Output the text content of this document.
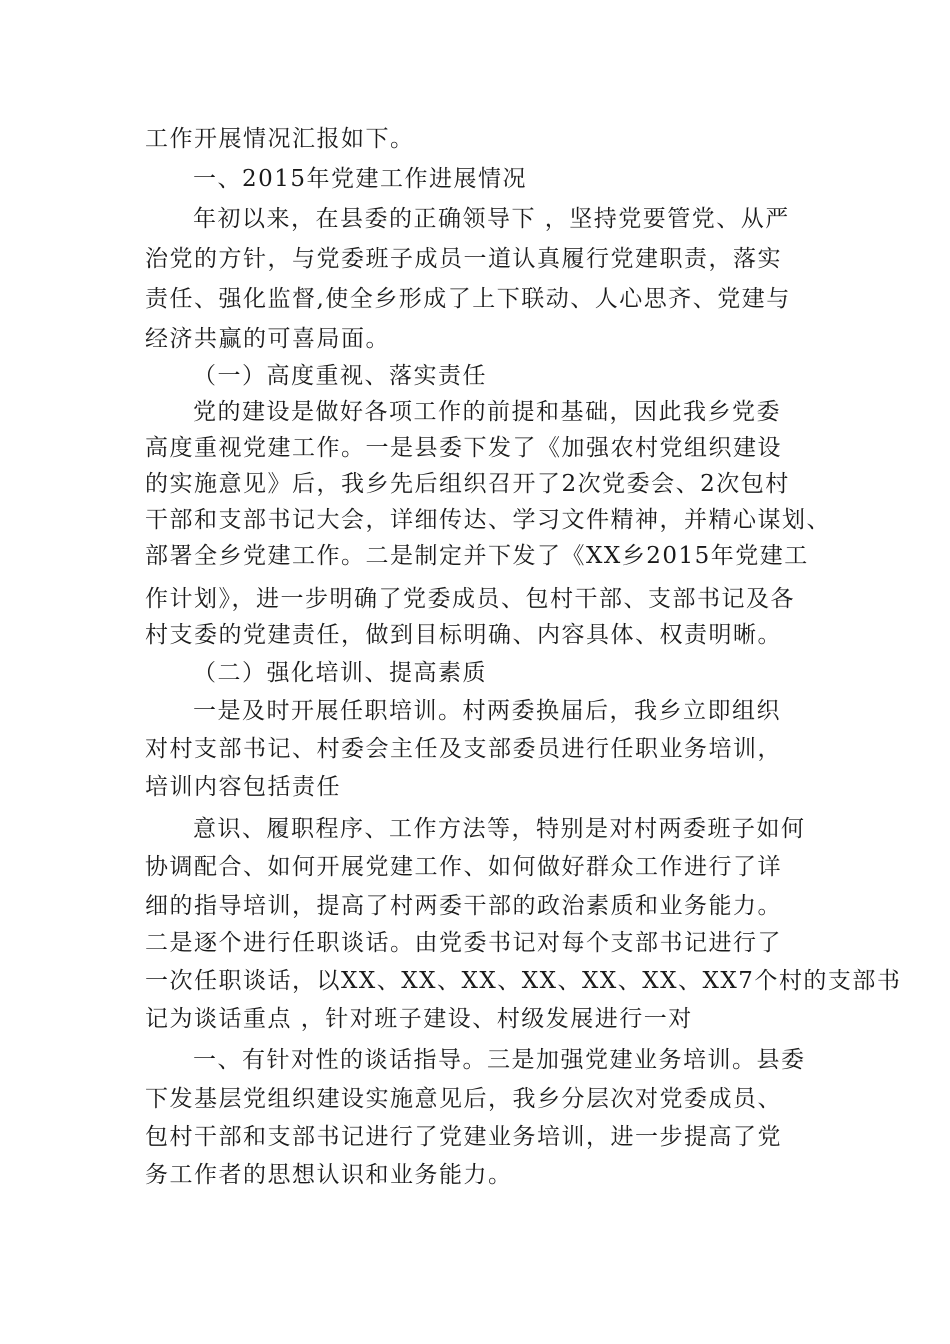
工作开展情况汇报如下。
一、2015年党建工作进展情况
年初以来，在县委的正确领导下 ，坚持党要管党、从严
治党的方针，与党委班子成员一道认真履行党建职责，落实
责任、强化监督,使全乡形成了上下联动、人心思齐、党建与
经济共赢的可喜局面。
（一）高度重视、落实责任
党的建设是做好各项工作的前提和基础，因此我乡党委
高度重视党建工作。一是县委下发了《加强农村党组织建设
的实施意见》后，我乡先后组织召开了2次党委会、2次包村
干部和支部书记大会，详细传达、学习文件精神，并精心谋划、
部署全乡党建工作。二是制定并下发了《XX乡2015年党建工
作计划》，进一步明确了党委成员、包村干部、支部书记及各
村支委的党建责任，做到目标明确、内容具体、权责明晰。
（二）强化培训、提高素质
一是及时开展任职培训。村两委换届后，我乡立即组织
对村支部书记、村委会主任及支部委员进行任职业务培训，
培训内容包括责任
意识、履职程序、工作方法等，特别是对村两委班子如何
协调配合、如何开展党建工作、如何做好群众工作进行了详
细的指导培训，提高了村两委干部的政治素质和业务能力。
二是逐个进行任职谈话。由党委书记对每个支部书记进行了
一次任职谈话，以XX、XX、XX、XX、XX、XX、XX7个村的支部书
记为谈话重点 ，针对班子建设、村级发展进行一对
一、有针对性的谈话指导。三是加强党建业务培训。县委
下发基层党组织建设实施意见后，我乡分层次对党委成员、
包村干部和支部书记进行了党建业务培训，进一步提高了党
务工作者的思想认识和业务能力。
